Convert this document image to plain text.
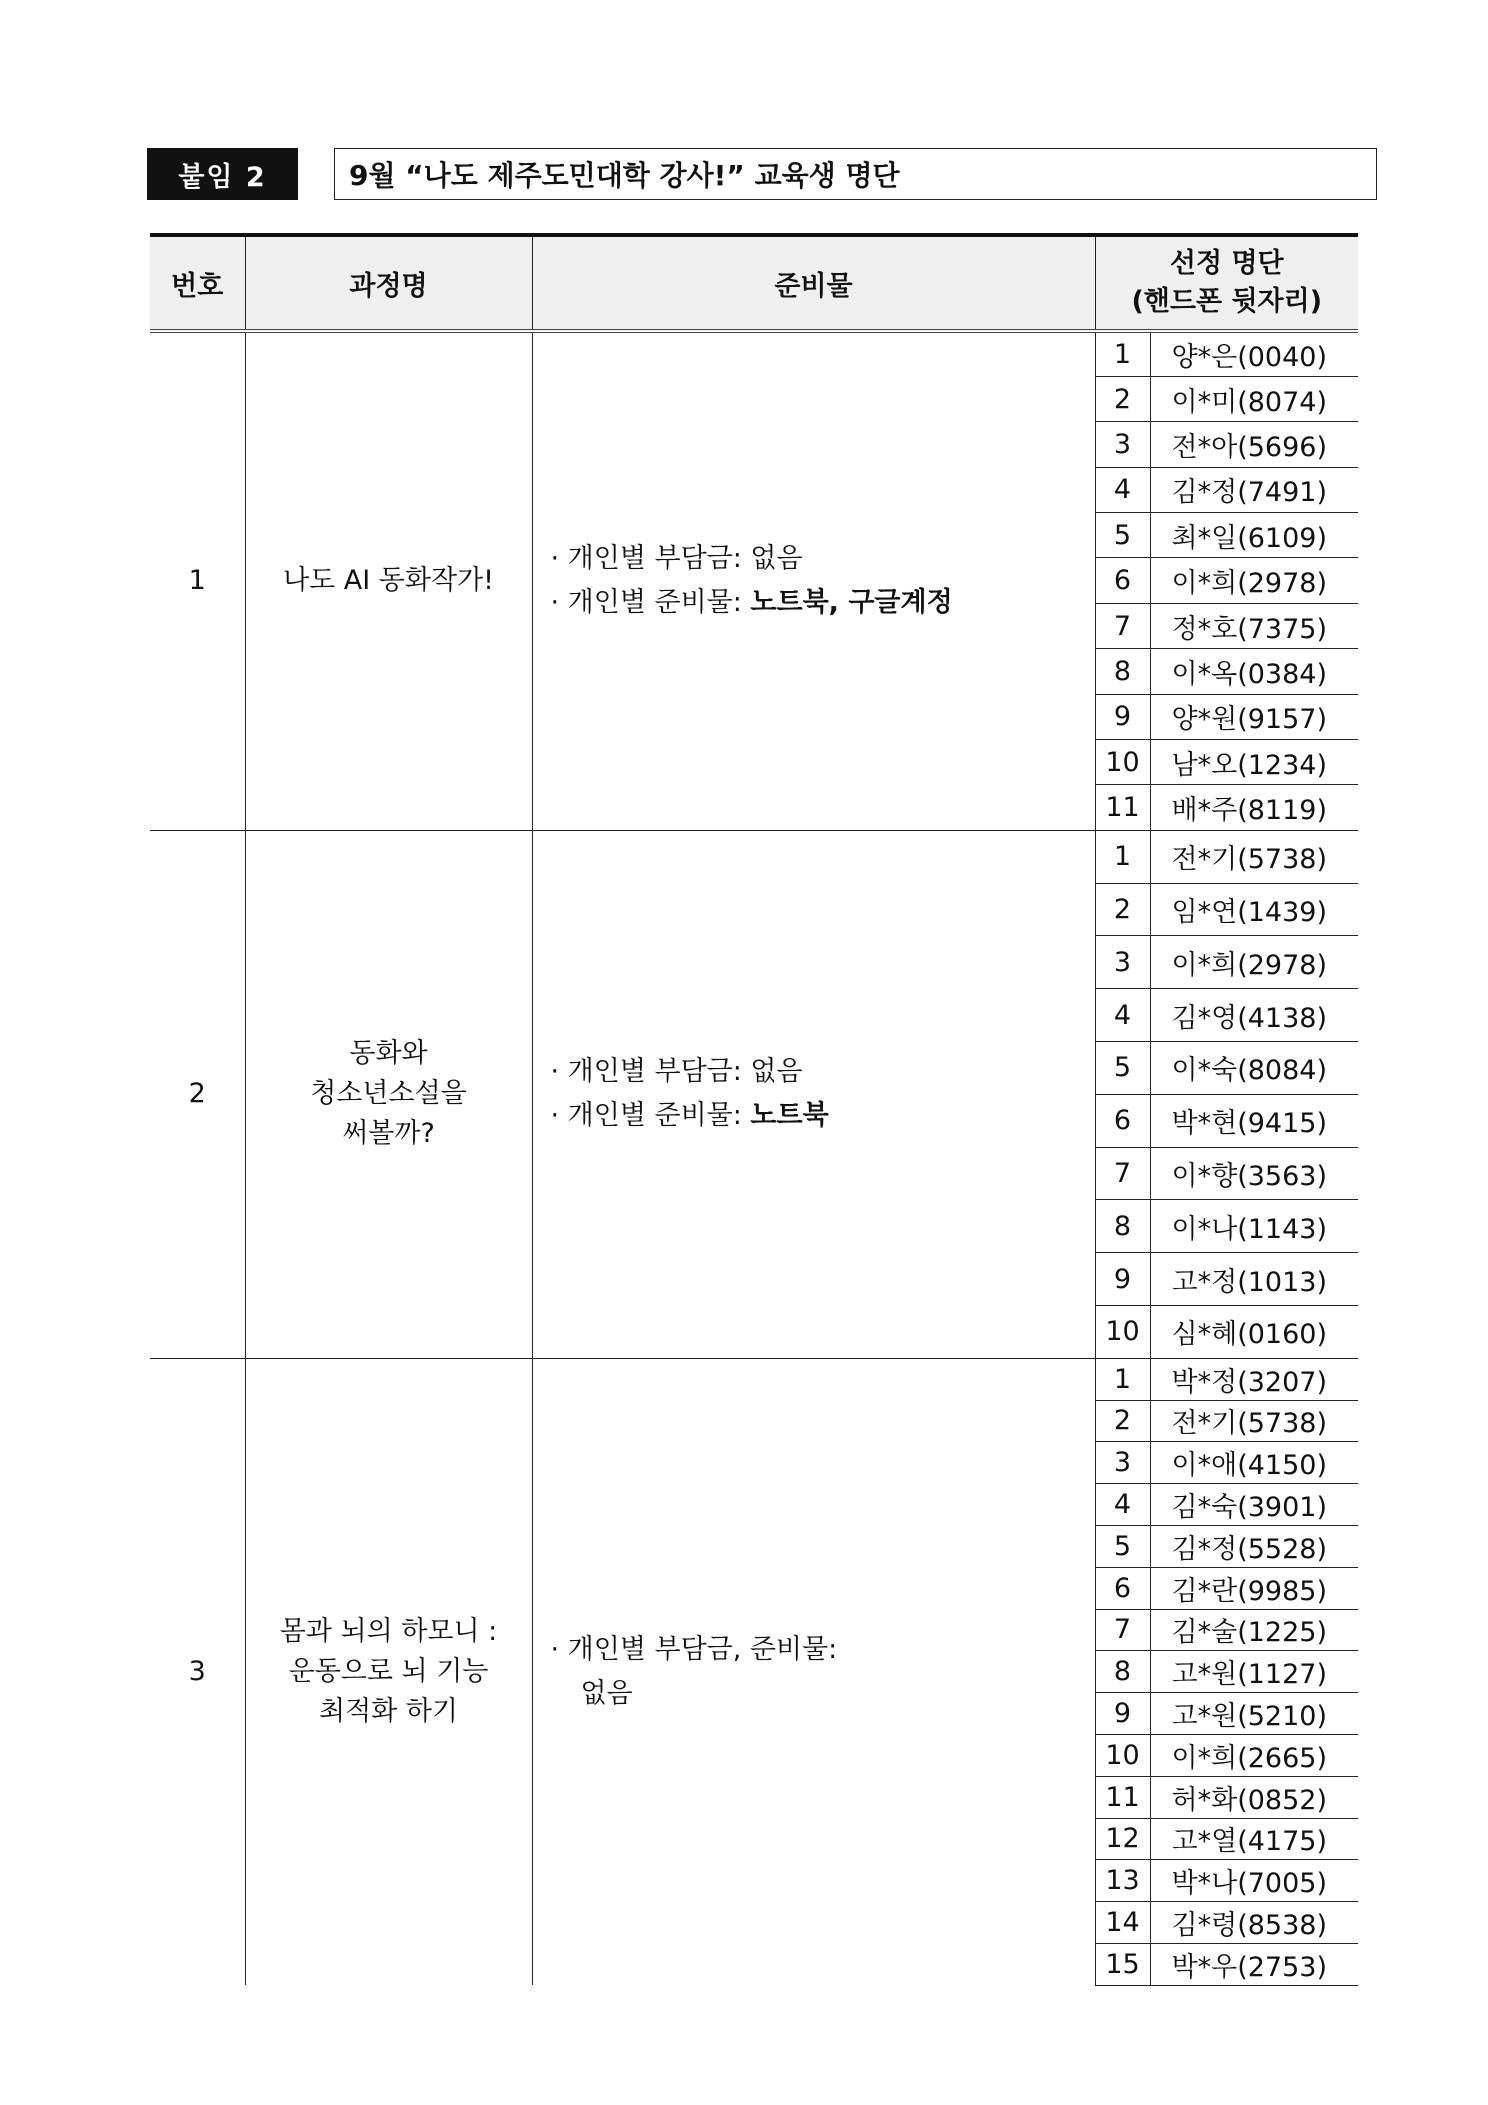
붙임 2	9월 “나도 제주도민대학 강사!” 교육생 명단
번호	과정명	준비물	선정 명단
(핸드폰 뒷자리)	

1	나도 AI 동화작가!	· 개인별 부담금: 없음
· 개인별 준비물: 노트북, 구글계정	1	양*은(0040)
			2	이*미(8074)
			3	전*아(5696)
			4	김*정(7491)
			5	최*일(6109)
			6	이*희(2978)
			7	정*호(7375)
			8	이*옥(0384)
			9	양*원(9157)
			10	남*오(1234)
			11	배*주(8119)
2	동화와
청소년소설을
써볼까?	· 개인별 부담금: 없음
· 개인별 준비물: 노트북	1	전*기(5738)
			2	임*연(1439)
			3	이*희(2978)
			4	김*영(4138)
			5	이*숙(8084)
			6	박*현(9415)
			7	이*향(3563)
			8	이*나(1143)
			9	고*정(1013)
			10	심*혜(0160)
3	몸과 뇌의 하모니 :
운동으로 뇌 기능
최적화 하기	· 개인별 부담금, 준비물:
없음	1	박*정(3207)
			2	전*기(5738)
			3	이*애(4150)
			4	김*숙(3901)
			5	김*정(5528)
			6	김*란(9985)
			7	김*술(1225)
			8	고*원(1127)
			9	고*원(5210)
			10	이*희(2665)
			11	허*화(0852)
			12	고*열(4175)
			13	박*나(7005)
			14	김*령(8538)
			15	박*우(2753)
